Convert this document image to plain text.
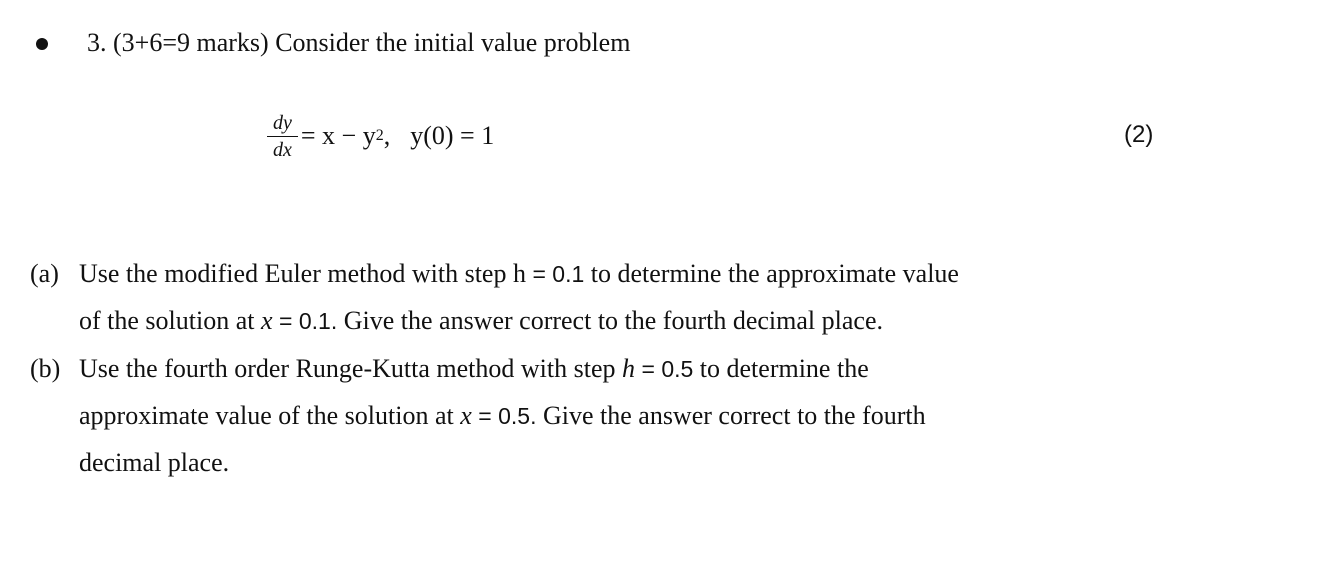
3. (3+6=9 marks) Consider the initial value problem
$\frac{dy}{dx} = x - y$ 2 , y(0) = 1	(2)
(a) Use the modified Euler method with step h = 0.1 to determine the approximate value
of the solution at x = 0.1. Give the answer correct to the fourth decimal place.
(b) Use the fourth order Runge-Kutta method with step h = 0.5 to determine the
approximate value of the solution at x = 0.5. Give the answer correct to the fourth
decimal place.
